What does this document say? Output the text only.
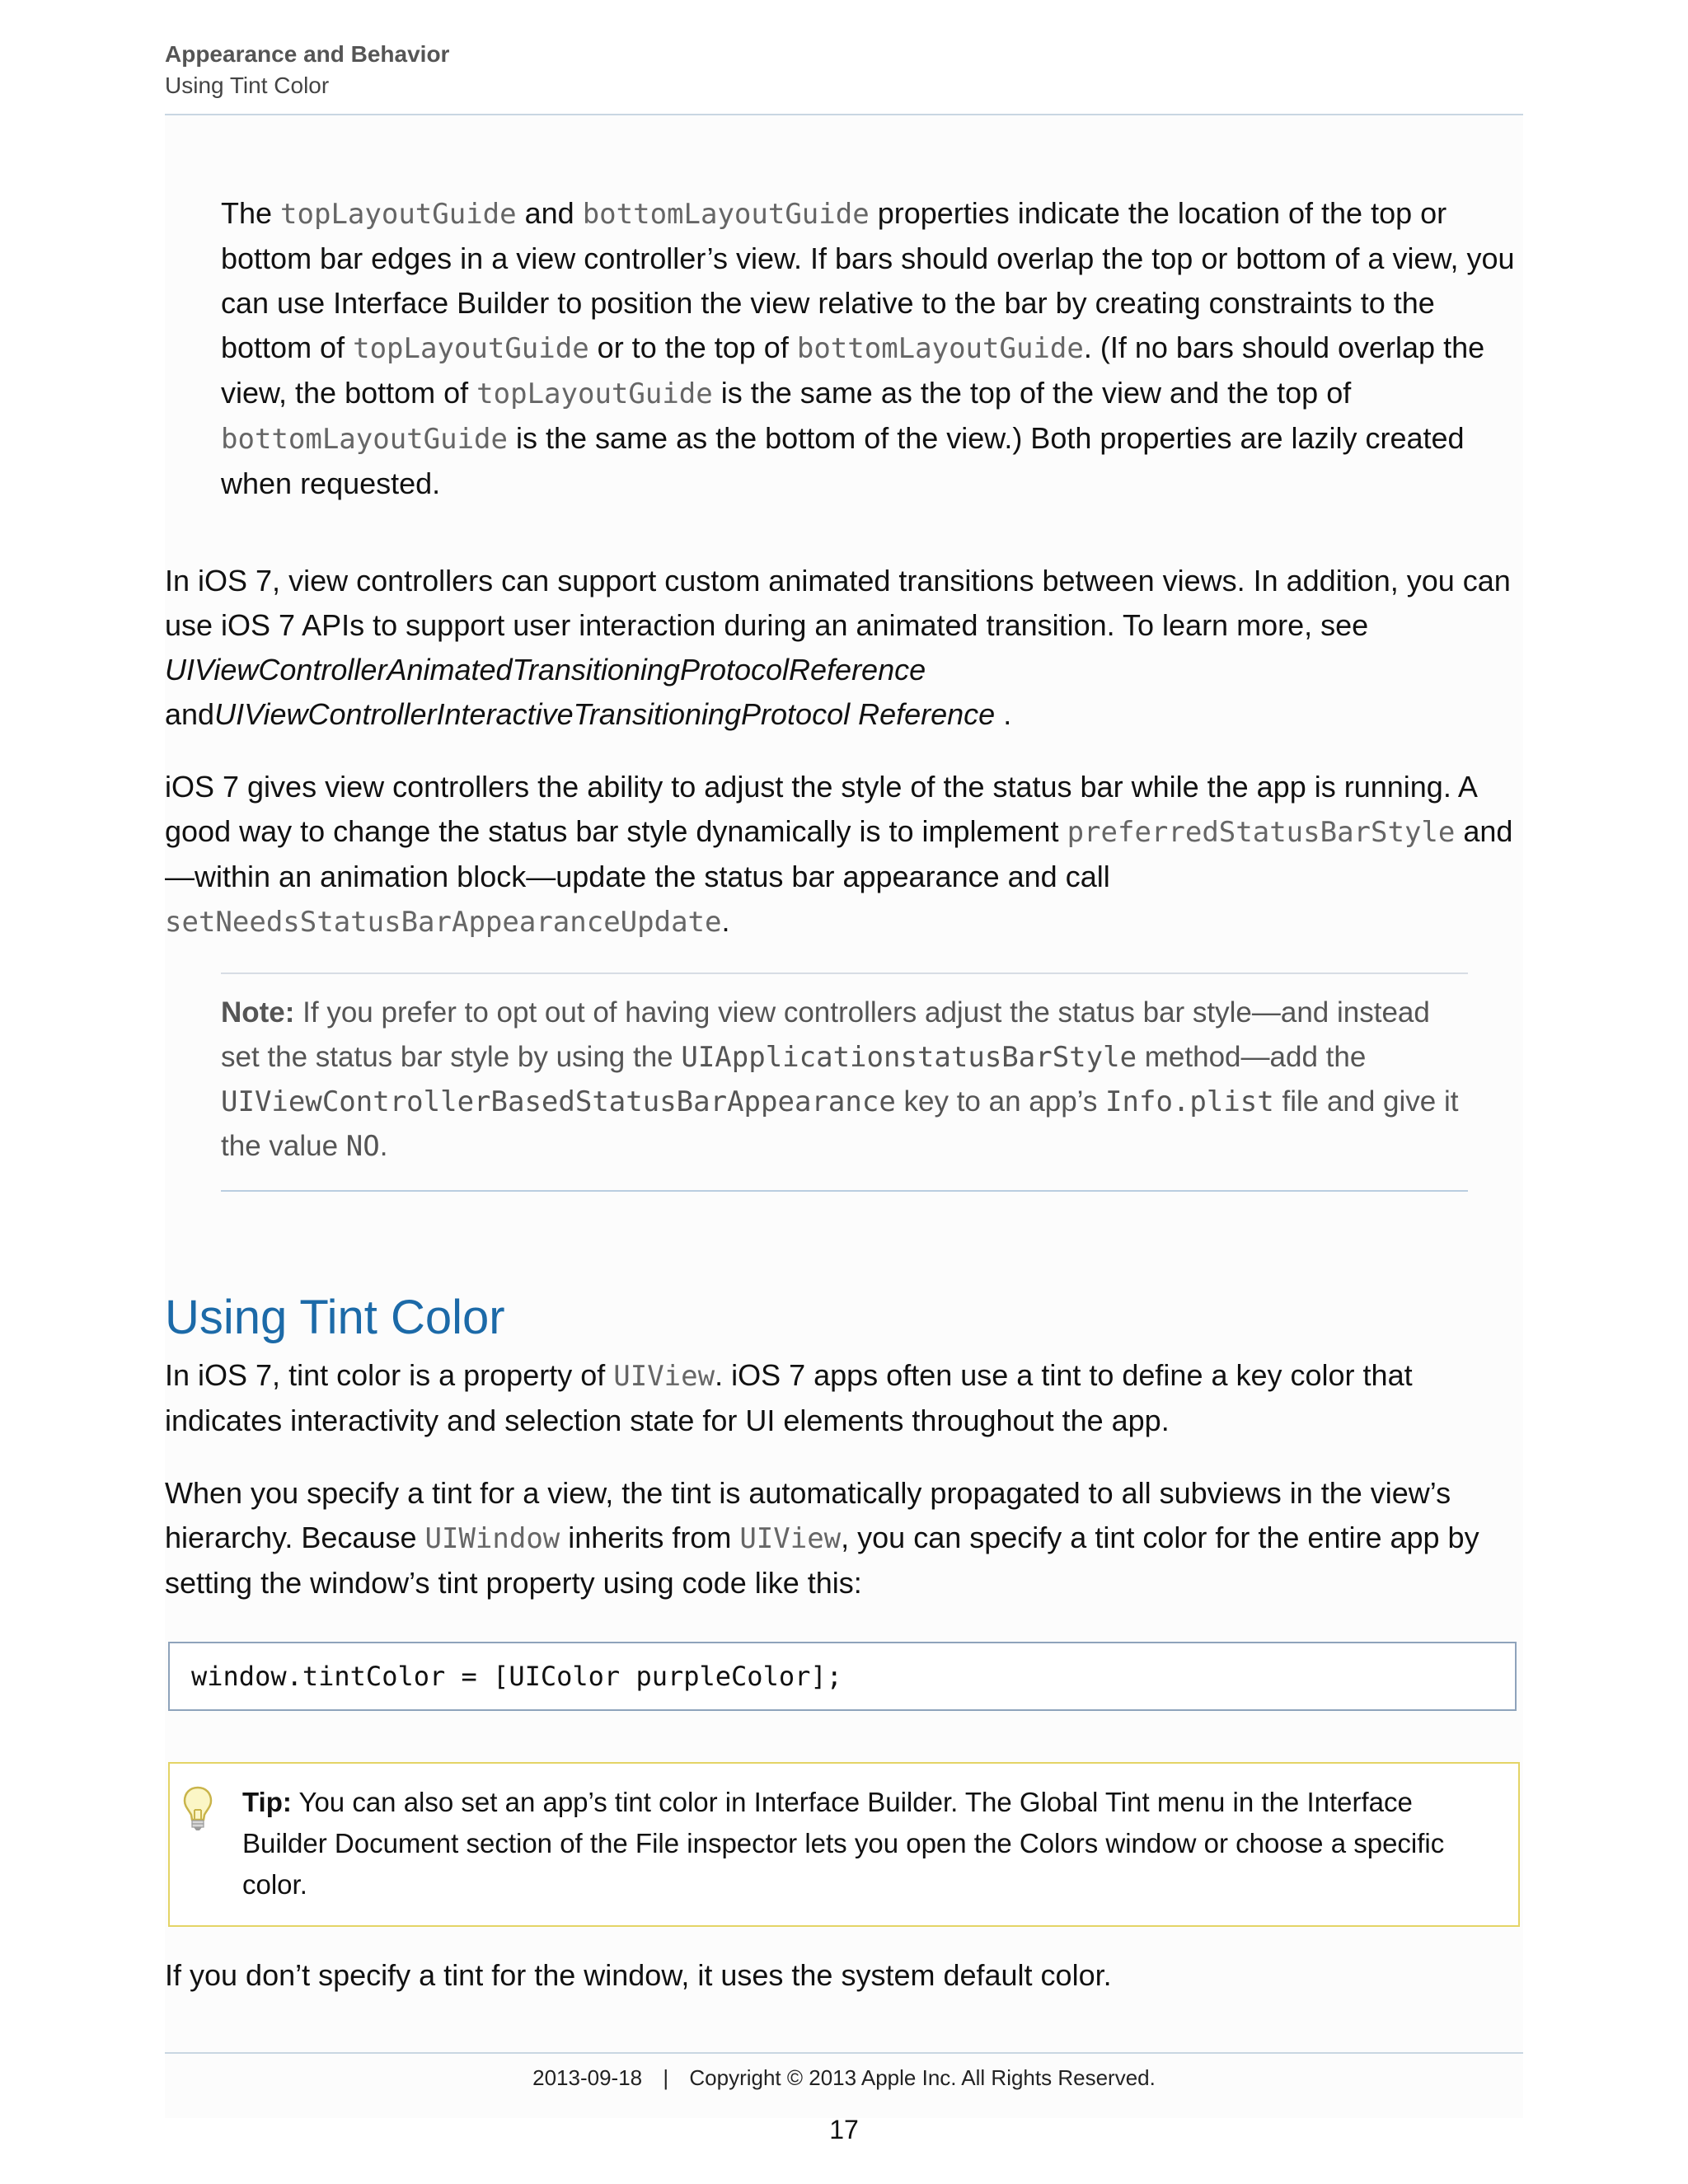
Appearance and Behavior
Using Tint Color

The topLayoutGuide and bottomLayoutGuide properties indicate the location of the top or bottom bar edges in a view controller’s view. If bars should overlap the top or bottom of a view, you can use Interface Builder to position the view relative to the bar by creating constraints to the bottom of topLayoutGuide or to the top of bottomLayoutGuide. (If no bars should overlap the view, the bottom of topLayoutGuide is the same as the top of the view and the top of bottomLayoutGuide is the same as the bottom of the view.) Both properties are lazily created when requested.

In iOS 7, view controllers can support custom animated transitions between views. In addition, you can use iOS 7 APIs to support user interaction during an animated transition. To learn more, see UIViewControllerAnimatedTransitioningProtocolReference andUIViewControllerInteractiveTransitioningProtocol Reference .

iOS 7 gives view controllers the ability to adjust the style of the status bar while the app is running. A good way to change the status bar style dynamically is to implement preferredStatusBarStyle and—within an animation block—update the status bar appearance and call setNeedsStatusBarAppearanceUpdate.

Note: If you prefer to opt out of having view controllers adjust the status bar style—and instead set the status bar style by using the UIApplicationstatusBarStyle method—add the UIViewControllerBasedStatusBarAppearance key to an app’s Info.plist file and give it the value NO.

Using Tint Color

In iOS 7, tint color is a property of UIView. iOS 7 apps often use a tint to define a key color that indicates interactivity and selection state for UI elements throughout the app.

When you specify a tint for a view, the tint is automatically propagated to all subviews in the view’s hierarchy. Because UIWindow inherits from UIView, you can specify a tint color for the entire app by setting the window’s tint property using code like this:

window.tintColor = [UIColor purpleColor];

Tip: You can also set an app’s tint color in Interface Builder. The Global Tint menu in the Interface Builder Document section of the File inspector lets you open the Colors window or choose a specific color.

If you don’t specify a tint for the window, it uses the system default color.

2013-09-18 | Copyright © 2013 Apple Inc. All Rights Reserved.
17
